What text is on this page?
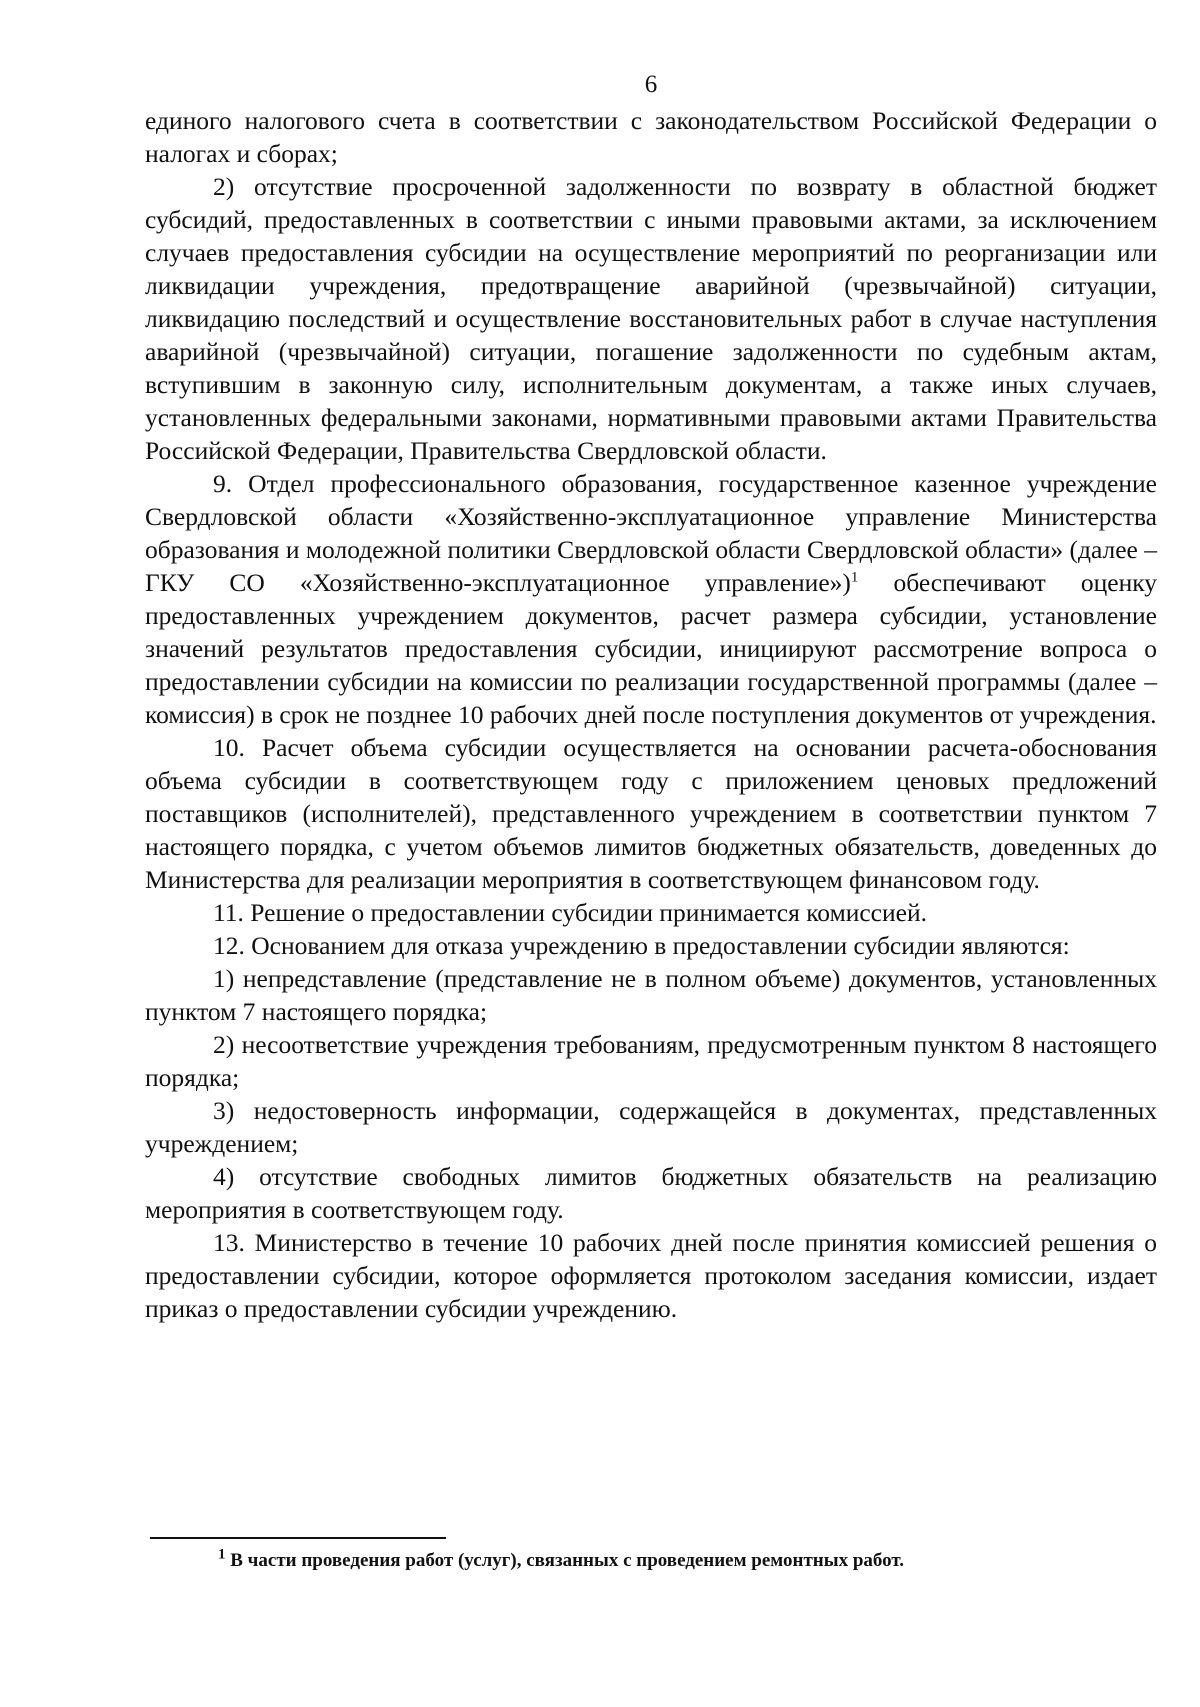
6

единого налогового счета в соответствии с законодательством Российской Федерации о налогах и сборах;

2) отсутствие просроченной задолженности по возврату в областной бюджет субсидий, предоставленных в соответствии с иными правовыми актами, за исключением случаев предоставления субсидии на осуществление мероприятий по реорганизации или ликвидации учреждения, предотвращение аварийной (чрезвычайной) ситуации, ликвидацию последствий и осуществление восстановительных работ в случае наступления аварийной (чрезвычайной) ситуации, погашение задолженности по судебным актам, вступившим в законную силу, исполнительным документам, а также иных случаев, установленных федеральными законами, нормативными правовыми актами Правительства Российской Федерации, Правительства Свердловской области.

9. Отдел профессионального образования, государственное казенное учреждение Свердловской области «Хозяйственно-эксплуатационное управление Министерства образования и молодежной политики Свердловской области Свердловской области» (далее – ГКУ СО «Хозяйственно-эксплуатационное управление»)$^1$ обеспечивают оценку предоставленных учреждением документов, расчет размера субсидии, установление значений результатов предоставления субсидии, инициируют рассмотрение вопроса о предоставлении субсидии на комиссии по реализации государственной программы (далее – комиссия) в срок не позднее 10 рабочих дней после поступления документов от учреждения.

10. Расчет объема субсидии осуществляется на основании расчета-обоснования объема субсидии в соответствующем году с приложением ценовых предложений поставщиков (исполнителей), представленного учреждением в соответствии пунктом 7 настоящего порядка, с учетом объемов лимитов бюджетных обязательств, доведенных до Министерства для реализации мероприятия в соответствующем финансовом году.

11. Решение о предоставлении субсидии принимается комиссией.

12. Основанием для отказа учреждению в предоставлении субсидии являются:

1) непредставление (представление не в полном объеме) документов, установленных пунктом 7 настоящего порядка;

2) несоответствие учреждения требованиям, предусмотренным пунктом 8 настоящего порядка;

3) недостоверность информации, содержащейся в документах, представленных учреждением;

4) отсутствие свободных лимитов бюджетных обязательств на реализацию мероприятия в соответствующем году.

13. Министерство в течение 10 рабочих дней после принятия комиссией решения о предоставлении субсидии, которое оформляется протоколом заседания комиссии, издает приказ о предоставлении субсидии учреждению.

$^1$ В части проведения работ (услуг), связанных с проведением ремонтных работ.
